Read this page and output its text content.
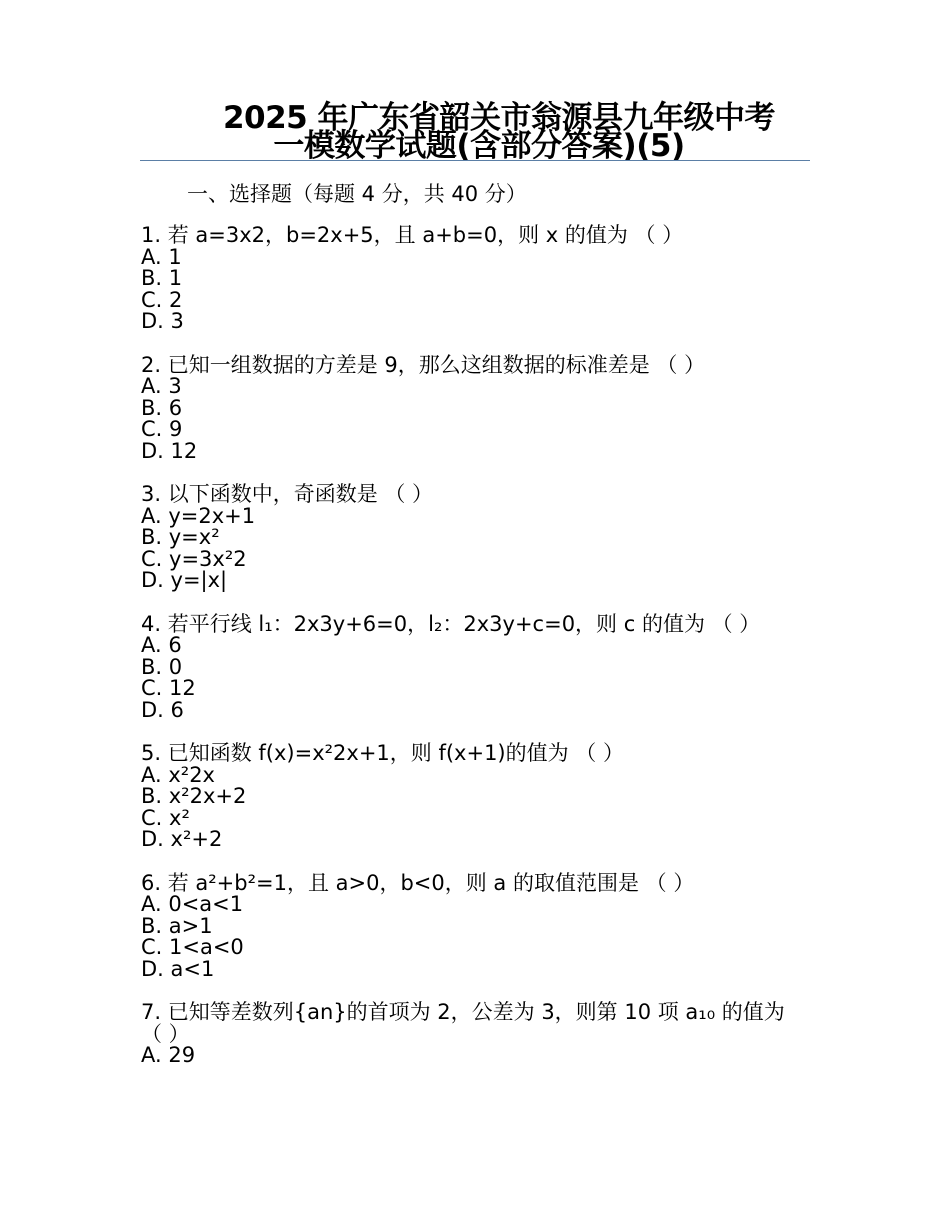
2025 年广东省韶关市翁源县九年级中考
一模数学试题(含部分答案)(5)
一、选择题（每题 4 分，共 40 分）
1. 若 a=3x2，b=2x+5，且 a+b=0，则 x 的值为 （ ）
A. 1
B. 1
C. 2
D. 3
2. 已知一组数据的方差是 9，那么这组数据的标准差是 （ ）
A. 3
B. 6
C. 9
D. 12
3. 以下函数中，奇函数是 （ ）
A. y=2x+1
B. y=x²
C. y=3x²2
D. y=|x|
4. 若平行线 l₁：2x3y+6=0，l₂：2x3y+c=0，则 c 的值为 （ ）
A. 6
B. 0
C. 12
D. 6
5. 已知函数 f(x)=x²2x+1，则 f(x+1)的值为 （ ）
A. x²2x
B. x²2x+2
C. x²
D. x²+2
6. 若 a²+b²=1，且 a>0，b<0，则 a 的取值范围是 （ ）
A. 0<a<1
B. a>1
C. 1<a<0
D. a<1
7. 已知等差数列{an}的首项为 2，公差为 3，则第 10 项 a₁₀ 的值为 （ ）
A. 29
